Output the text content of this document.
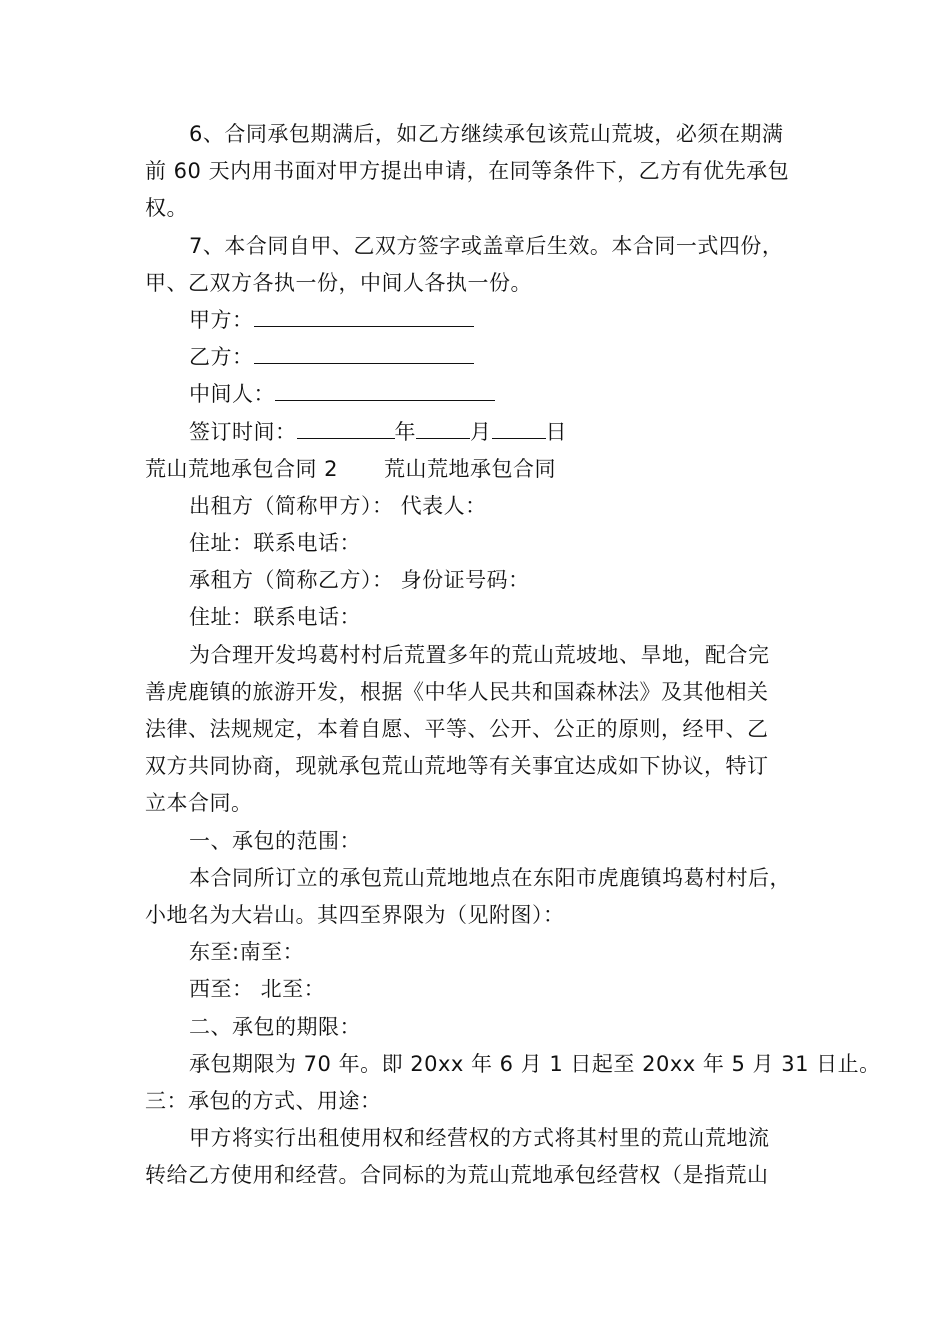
6、合同承包期满后，如乙方继续承包该荒山荒坡，必须在期满
前 60 天内用书面对甲方提出申请，在同等条件下，乙方有优先承包
权。
7、本合同自甲、乙双方签字或盖章后生效。本合同一式四份，
甲、乙双方各执一份，中间人各执一份。
甲方：
乙方：
中间人：
签订时间：	年	月	日
荒山荒地承包合同 2 荒山荒地承包合同
出租方（简称甲方）： 代表人：
住址：联系电话：
承租方（简称乙方）： 身份证号码：
住址：联系电话：
为合理开发坞葛村村后荒置多年的荒山荒坡地、旱地，配合完
善虎鹿镇的旅游开发，根据《中华人民共和国森林法》及其他相关
法律、法规规定，本着自愿、平等、公开、公正的原则，经甲、乙
双方共同协商，现就承包荒山荒地等有关事宜达成如下协议，特订
立本合同。
一、承包的范围：
本合同所订立的承包荒山荒地地点在东阳市虎鹿镇坞葛村村后，
小地名为大岩山。其四至界限为（见附图）：
东至:南至：
西至： 北至：
二、承包的期限：
承包期限为 70 年。即 20xx 年 6 月 1 日起至 20xx 年 5 月 31 日止。
三：承包的方式、用途：
甲方将实行出租使用权和经营权的方式将其村里的荒山荒地流
转给乙方使用和经营。合同标的为荒山荒地承包经营权（是指荒山
